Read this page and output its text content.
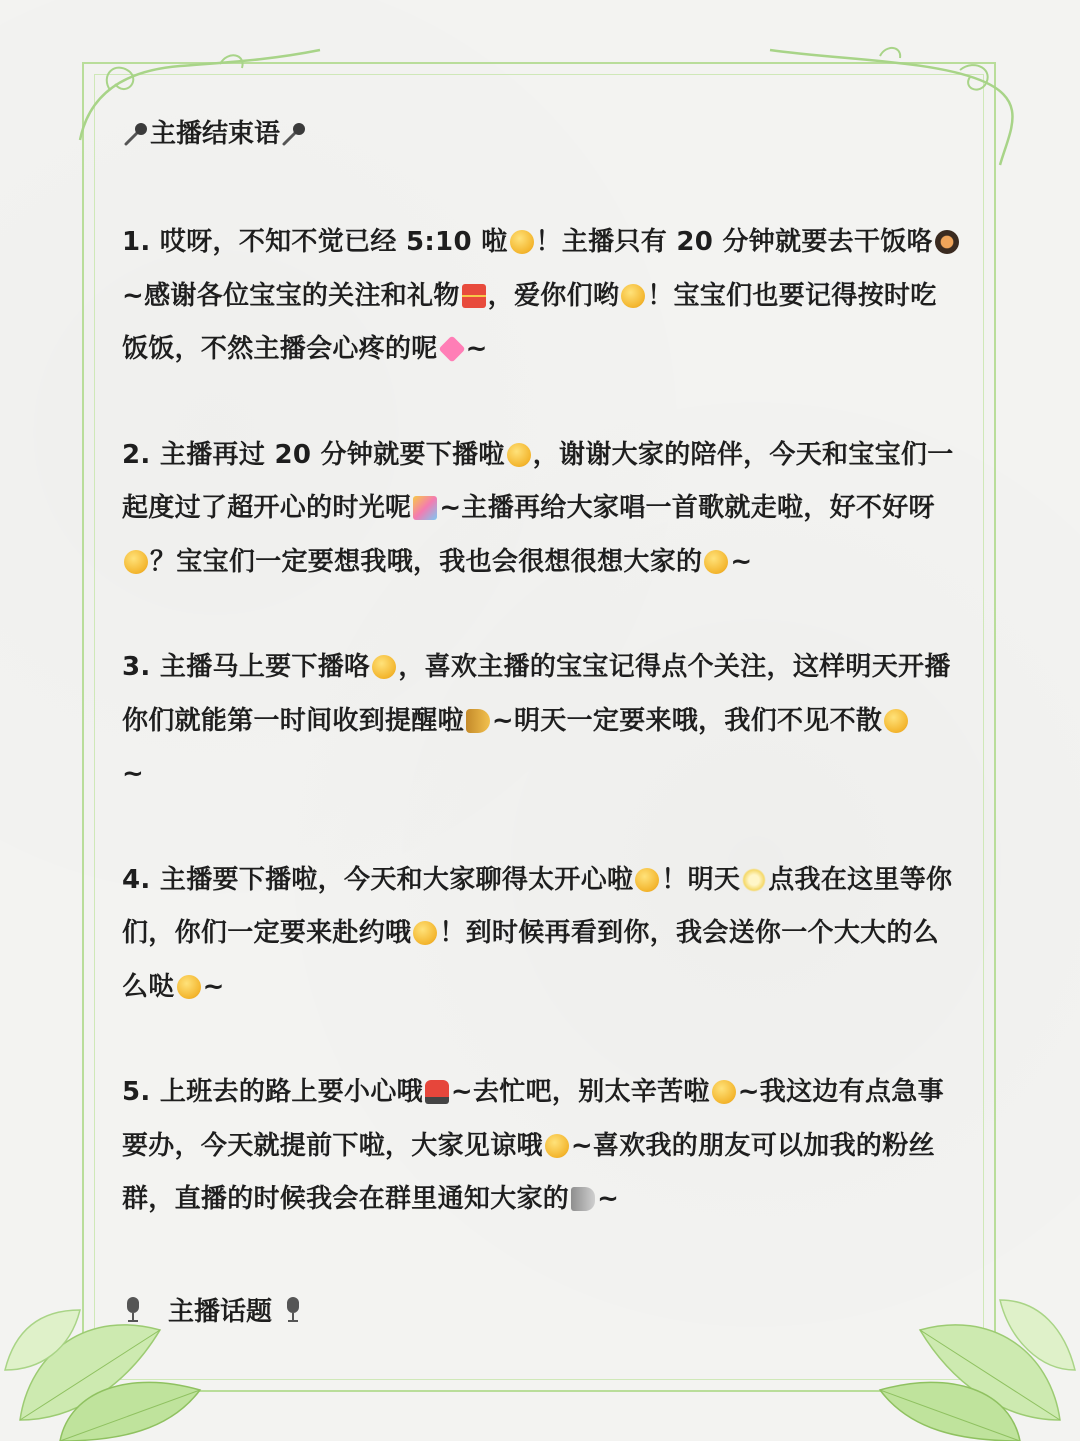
主播结束语
1. 哎呀，不知不觉已经 5:10 啦 ！主播只有 20 分钟就要去干饭咯~感谢各位宝宝的关注和礼物 ，爱你们哟 ！宝宝们也要记得按时吃饭饭，不然主播会心疼的呢 ~
2. 主播再过 20 分钟就要下播啦 ，谢谢大家的陪伴，今天和宝宝们一起度过了超开心的时光呢 ~主播再给大家唱一首歌就走啦，好不好呀？宝宝们一定要想我哦，我也会很想很想大家的 ~
3. 主播马上要下播咯 ，喜欢主播的宝宝记得点个关注，这样明天开播你们就能第一时间收到提醒啦 ~明天一定要来哦，我们不见不散
~
4. 主播要下播啦，今天和大家聊得太开心啦 ！明天 点我在这里等你们，你们一定要来赴约哦 ！到时候再看到你，我会送你一个大大的么么哒 ~
5. 上班去的路上要小心哦 ~去忙吧，别太辛苦啦 ~我这边有点急事要办，今天就提前下啦，大家见谅哦 ~喜欢我的朋友可以加我的粉丝群，直播的时候我会在群里通知大家的 ~
主播话题
